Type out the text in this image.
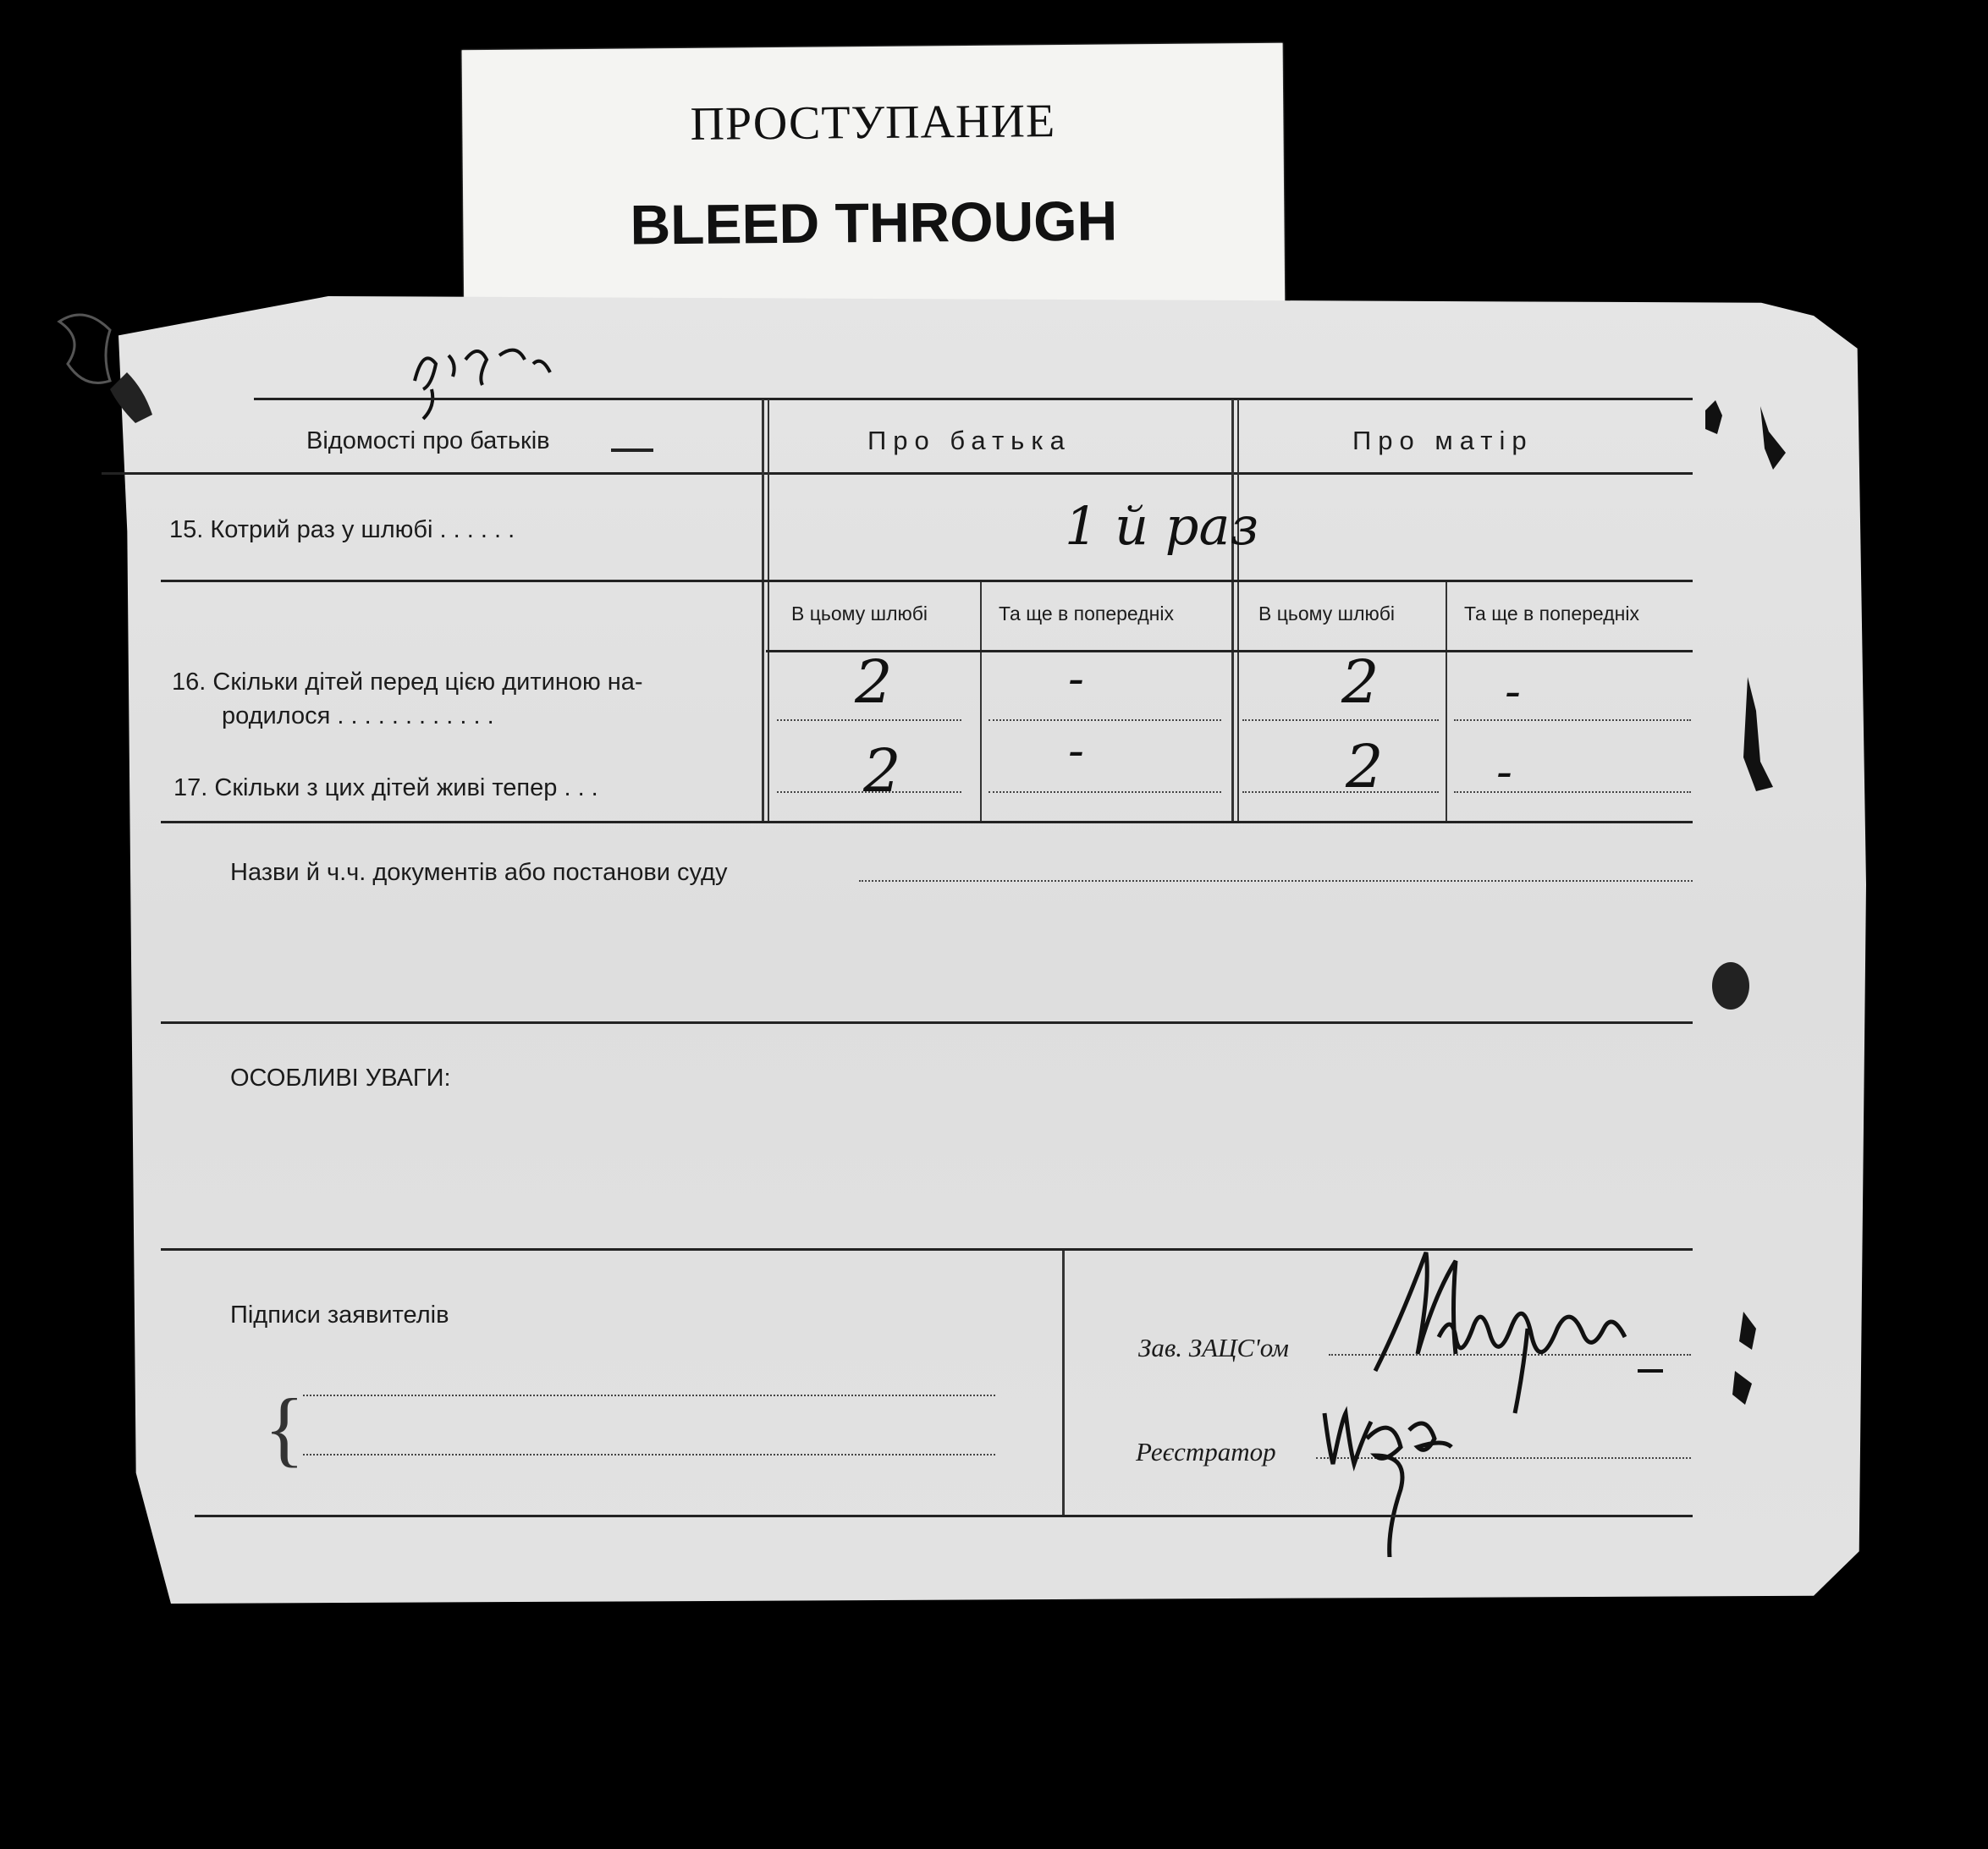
ПРОСТУПАНИЕ
BLEED THROUGH
Відомості про батьків	Про батька	Про матір
15. Котрий раз у шлюбі . . . . . .	1 й раз
В цьому шлюбі	Та ще в попередніх	В цьому шлюбі	Та ще в попередніх
16. Скільки дітей перед цією дитиною на-
родилося . . . . . . . . . . . .	2	-	2	-
17. Скільки з цих дітей живі тепер . . .	2	-	2 -
Назви й ч.ч. документів або постанови суду
ОСОБЛИВІ УВАГИ:
Підписи заявителів
{
Зав. ЗАЦС'ом
Реєстратор
